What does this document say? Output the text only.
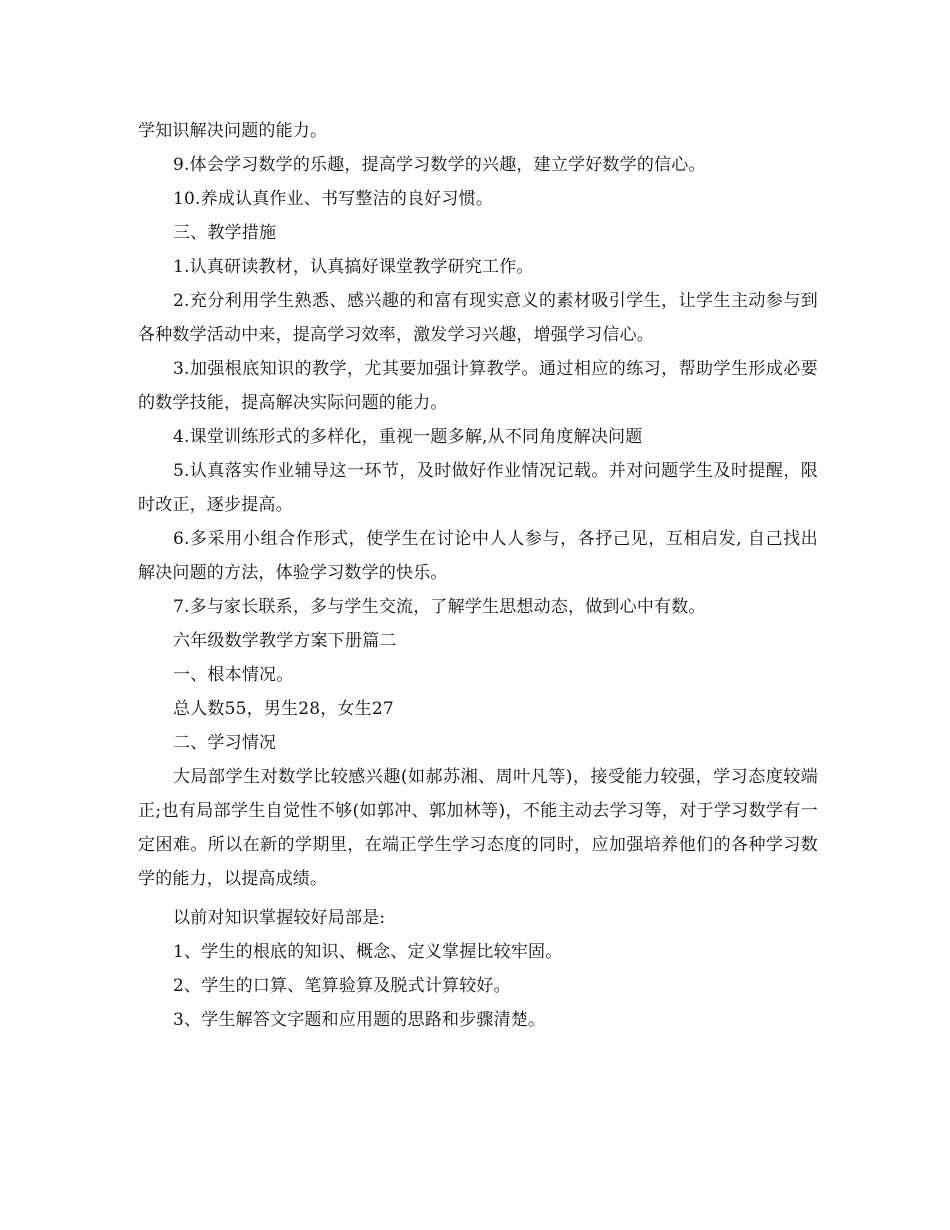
学知识解决问题的能力。

9.体会学习数学的乐趣，提高学习数学的兴趣，建立学好数学的信心。

10.养成认真作业、书写整洁的良好习惯。

三、教学措施

1.认真研读教材，认真搞好课堂教学研究工作。

2.充分利用学生熟悉、感兴趣的和富有现实意义的素材吸引学生，让学生主动参与到各种数学活动中来，提高学习效率，激发学习兴趣，增强学习信心。

3.加强根底知识的教学，尤其要加强计算教学。通过相应的练习，帮助学生形成必要的数学技能，提高解决实际问题的能力。

4.课堂训练形式的多样化，重视一题多解,从不同角度解决问题

5.认真落实作业辅导这一环节，及时做好作业情况记载。并对问题学生及时提醒，限时改正，逐步提高。

6.多采用小组合作形式，使学生在讨论中人人参与，各抒己见，互相启发, 自己找出解决问题的方法，体验学习数学的快乐。

7.多与家长联系，多与学生交流，了解学生思想动态，做到心中有数。

六年级数学教学方案下册篇二

一、根本情况。

总人数55，男生28，女生27

二、学习情况

大局部学生对数学比较感兴趣(如郝苏湘、周叶凡等)，接受能力较强，学习态度较端正;也有局部学生自觉性不够(如郭冲、郭加林等)，不能主动去学习等，对于学习数学有一定困难。所以在新的学期里，在端正学生学习态度的同时，应加强培养他们的各种学习数学的能力，以提高成绩。

以前对知识掌握较好局部是:

1、学生的根底的知识、概念、定义掌握比较牢固。

2、学生的口算、笔算验算及脱式计算较好。

3、学生解答文字题和应用题的思路和步骤清楚。
